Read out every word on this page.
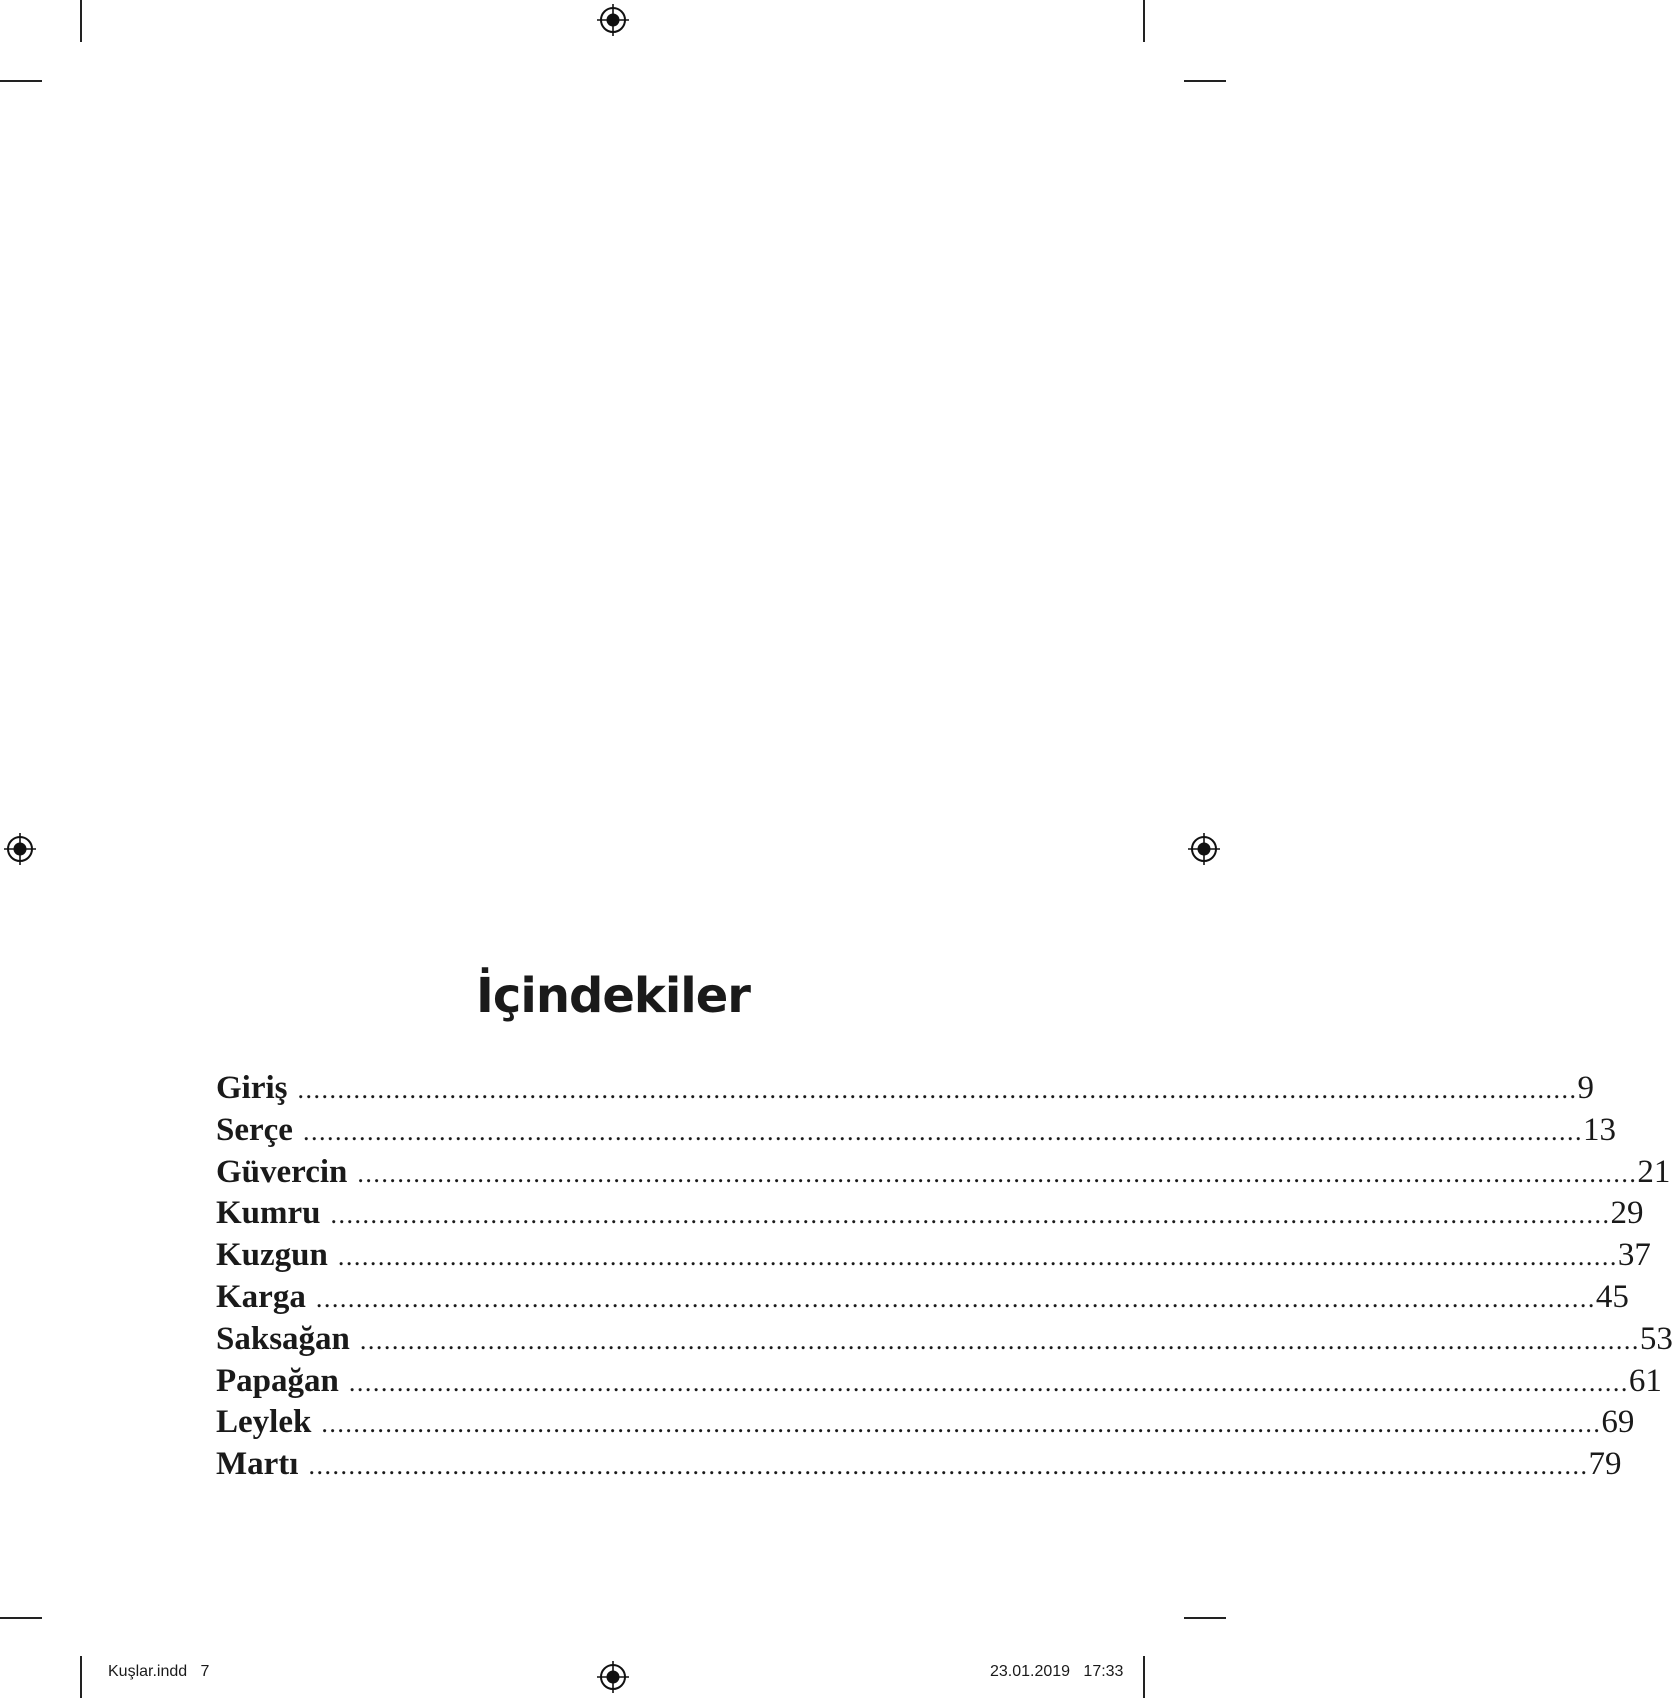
İçindekiler
Giriş ................................................................................................................................................................ 9
Serçe ................................................................................................................................................................ 13
Güvercin ................................................................................................................................................................ 21
Kumru ................................................................................................................................................................ 29
Kuzgun ................................................................................................................................................................ 37
Karga ................................................................................................................................................................ 45
Saksağan ................................................................................................................................................................ 53
Papağan ................................................................................................................................................................ 61
Leylek ................................................................................................................................................................ 69
Martı ................................................................................................................................................................ 79
Kuşlar.indd   7	23.01.2019   17:33
